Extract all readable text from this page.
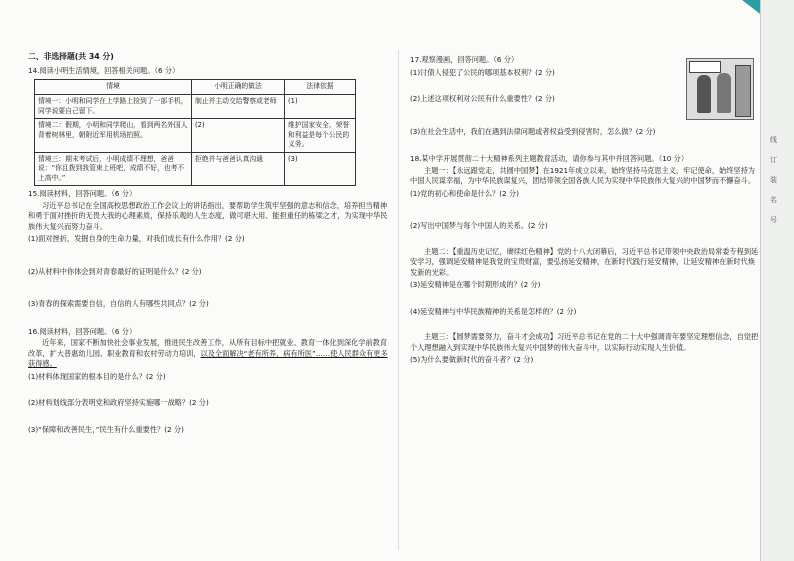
二、非选择题(共 34 分)
14.阅读小明生活情境，回答相关问题。（6 分）
情境	小明正确的做法	法律依据
情境一：小明和同学在上学路上捡到了一部手机，同学说要自己留下。	制止并主动交给警察或老师	(1)
情境二：假期，小明和同学爬山，看到两名外国人背着树林里，朝附近军用机场拍照。	(2)	维护国家安全、荣誉和利益是每个公民的义务。
情境三：期末考试后，小明成绩不理想，爸爸说：“你且拨到我管束上班吧，成绩不好，也考不上高中。”	拒绝并与爸爸认真沟通	(3)
15.阅读材料，回答问题。（6 分）
习近平总书记在全国高校思想政治工作会议上的讲话指出，要帮助学生筑牢坚强的意志和信念，培养担当精神和勇于面对挫折的无畏大我的心理素质，保持乐观的人生态度，做可堪大用、能担重任的栋梁之才，为实现中华民族伟大复兴而努力奋斗。
(1)面对挫折，发掘自身的生命力量，对我们成长有什么作用？(2 分)
(2)从材料中你体会到对青春最好的证明是什么？(2 分)
(3)青春的探索需要自信，自信的人有哪些共同点？(2 分)
16.阅读材料，回答问题。（6 分）
近年来，国家不断加快社会事业发展，推进民生改善工作，从所有目标中把就业、教育一体化到深化学前教育改革，扩大普惠幼儿园、职业教育和农村劳动力培训，以及全面解决“老有所养，病有所医”……使人民群众有更多获得感。
(1)材料体现国家的根本目的是什么？(2 分)
(2)材料划线部分表明党和政府坚持实施哪一战略？(2 分)
(3)“保障和改善民生，”民生有什么重要性？(2 分)
17.观察漫画，回答问题。（6 分）
(1)讨债人侵犯了公民的哪项基本权利？(2 分)
(2)上述这项权利对公民有什么重要性？(2 分)
(3)在社会生活中，我们在遇到法律问题或者权益受到侵害时，怎么做？(2 分)
18.某中学开展贯彻二十大精神系列主题教育活动，请你参与其中并回答问题。（10 分）
主题一：【永远跟党走，共圆中国梦】在1921年成立以来，始终坚持马克思主义，牢记使命，始终坚持为中国人民谋幸福，为中华民族谋复兴，团结带领全国各族人民为实现中华民族伟大复兴的中国梦而不懈奋斗。
(1)党的初心和使命是什么？(2 分)
(2)写出中国梦与每个中国人的关系。(2 分)
主题二：【重温历史记忆，赓续红色精神】党的十八大闭幕后，习近平总书记带领中央政治局常委专程到延安学习，强调延安精神是我党的宝贵财富，要弘扬延安精神，在新时代践行延安精神，让延安精神在新时代焕发新的光彩。
(3)延安精神是在哪个时期形成的？(2 分)
(4)延安精神与中华民族精神的关系是怎样的？(2 分)
主题三：【圆梦需要努力，奋斗才会成功】习近平总书记在党的二十大中强调青年要坚定理想信念，自觉把个人理想融入到实现中华民族伟大复兴中国梦的伟大奋斗中，以实际行动实现人生价值。
(5)为什么要做新时代的奋斗者？(2 分)
线
订
装
名
号
